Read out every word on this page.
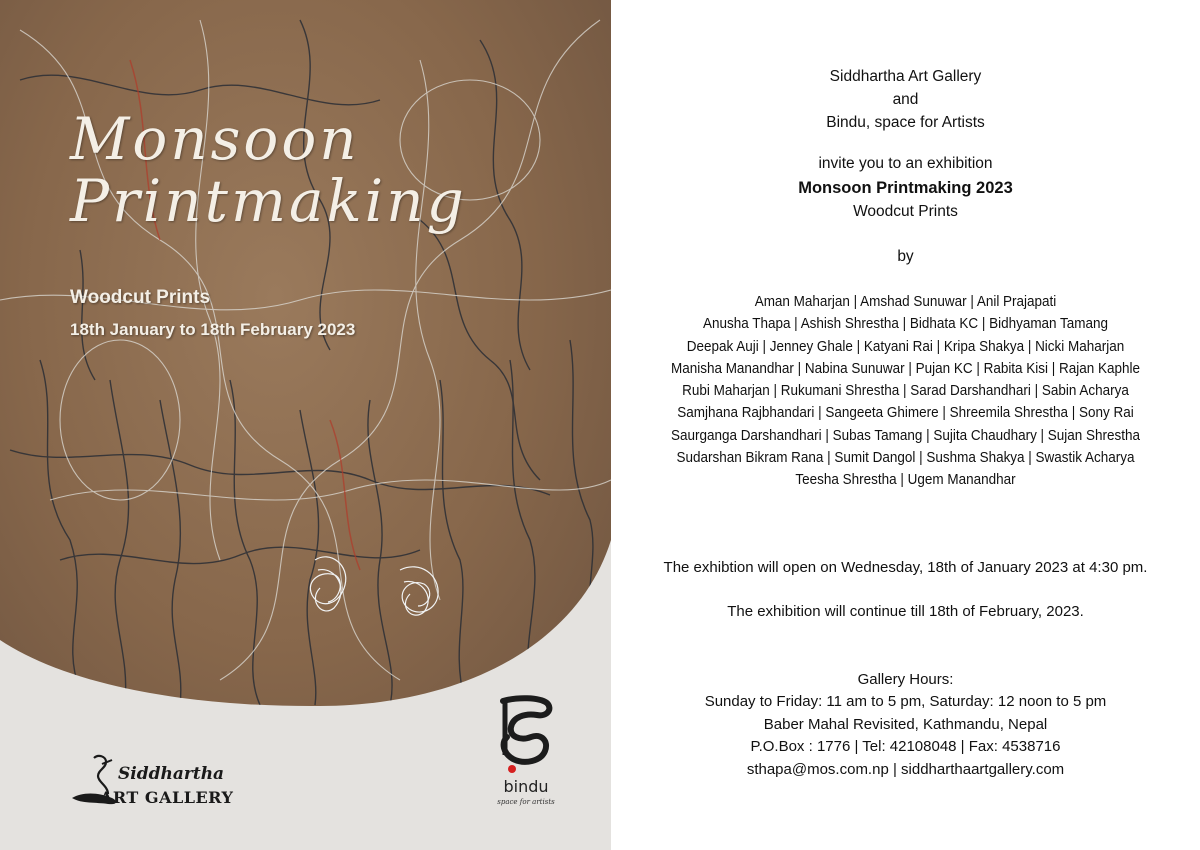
Monsoon
Printmaking
Woodcut Prints
18th January to 18th February 2023
Siddhartha
ART GALLERY
bindu
space for artists
Siddhartha Art Gallery
and
Bindu, space for Artists
invite you to an exhibition
Monsoon Printmaking 2023
Woodcut Prints
by
Aman Maharjan | Amshad Sunuwar | Anil Prajapati
Anusha Thapa | Ashish Shrestha | Bidhata KC | Bidhyaman Tamang
Deepak Auji | Jenney Ghale | Katyani Rai | Kripa Shakya | Nicki Maharjan
Manisha Manandhar | Nabina Sunuwar | Pujan KC | Rabita Kisi | Rajan Kaphle
Rubi Maharjan | Rukumani Shrestha | Sarad Darshandhari | Sabin Acharya
Samjhana Rajbhandari | Sangeeta Ghimere | Shreemila Shrestha | Sony Rai
Saurganga Darshandhari | Subas Tamang | Sujita Chaudhary | Sujan Shrestha
Sudarshan Bikram Rana | Sumit Dangol | Sushma Shakya | Swastik Acharya
Teesha Shrestha | Ugem Manandhar
The exhibtion will open on Wednesday, 18th of January 2023 at 4:30 pm.
The exhibition will continue till 18th of February, 2023.
Gallery Hours:
Sunday to Friday: 11 am to 5 pm, Saturday: 12 noon to 5 pm
Baber Mahal Revisited, Kathmandu, Nepal
P.O.Box : 1776 | Tel: 42108048 | Fax: 4538716
sthapa@mos.com.np | siddharthaartgallery.com
